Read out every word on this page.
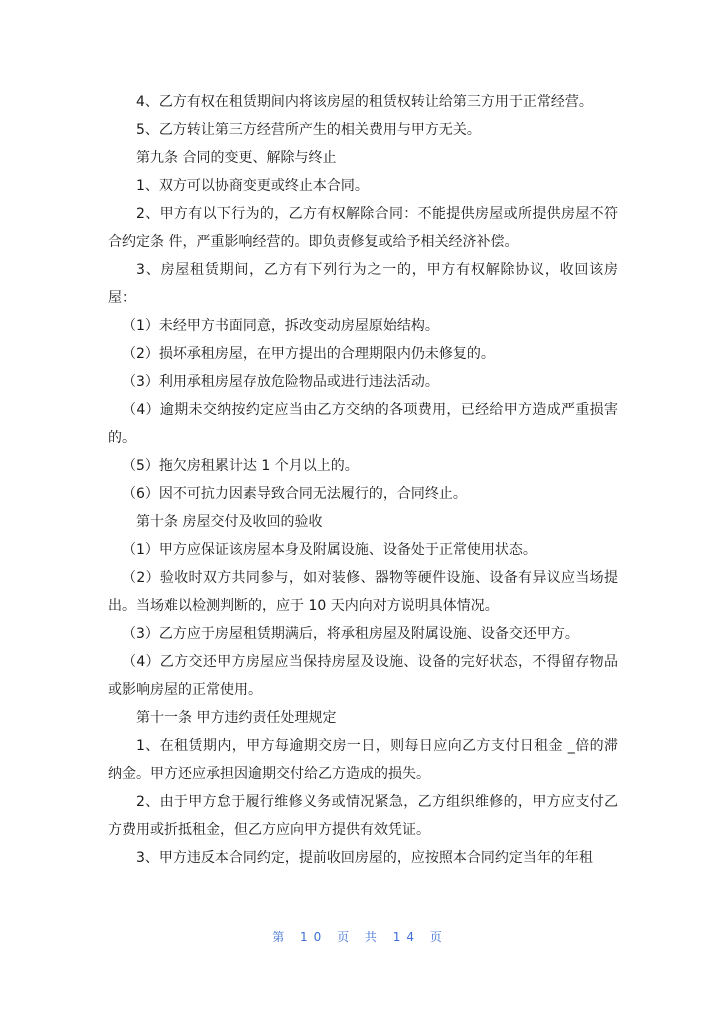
4、乙方有权在租赁期间内将该房屋的租赁权转让给第三方用于正常经营。

5、乙方转让第三方经营所产生的相关费用与甲方无关。

第九条 合同的变更、解除与终止

1、双方可以协商变更或终止本合同。

2、甲方有以下行为的，乙方有权解除合同：不能提供房屋或所提供房屋不符合约定条 件，严重影响经营的。即负责修复或给予相关经济补偿。

3、房屋租赁期间，乙方有下列行为之一的，甲方有权解除协议，收回该房屋：

（1）未经甲方书面同意，拆改变动房屋原始结构。

（2）损坏承租房屋，在甲方提出的合理期限内仍未修复的。

（3）利用承租房屋存放危险物品或进行违法活动。

（4）逾期未交纳按约定应当由乙方交纳的各项费用，已经给甲方造成严重损害的。

（5）拖欠房租累计达 1 个月以上的。

（6）因不可抗力因素导致合同无法履行的，合同终止。

第十条 房屋交付及收回的验收

（1）甲方应保证该房屋本身及附属设施、设备处于正常使用状态。

（2）验收时双方共同参与，如对装修、器物等硬件设施、设备有异议应当场提出。当场难以检测判断的，应于 10 天内向对方说明具体情况。

（3）乙方应于房屋租赁期满后，将承租房屋及附属设施、设备交还甲方。

（4）乙方交还甲方房屋应当保持房屋及设施、设备的完好状态，不得留存物品或影响房屋的正常使用。

第十一条 甲方违约责任处理规定

1、在租赁期内，甲方每逾期交房一日，则每日应向乙方支付日租金 _倍的滞纳金。甲方还应承担因逾期交付给乙方造成的损失。

2、由于甲方怠于履行维修义务或情况紧急，乙方组织维修的，甲方应支付乙方费用或折抵租金，但乙方应向甲方提供有效凭证。

3、甲方违反本合同约定，提前收回房屋的，应按照本合同约定当年的年租

第 10 页 共 14 页
